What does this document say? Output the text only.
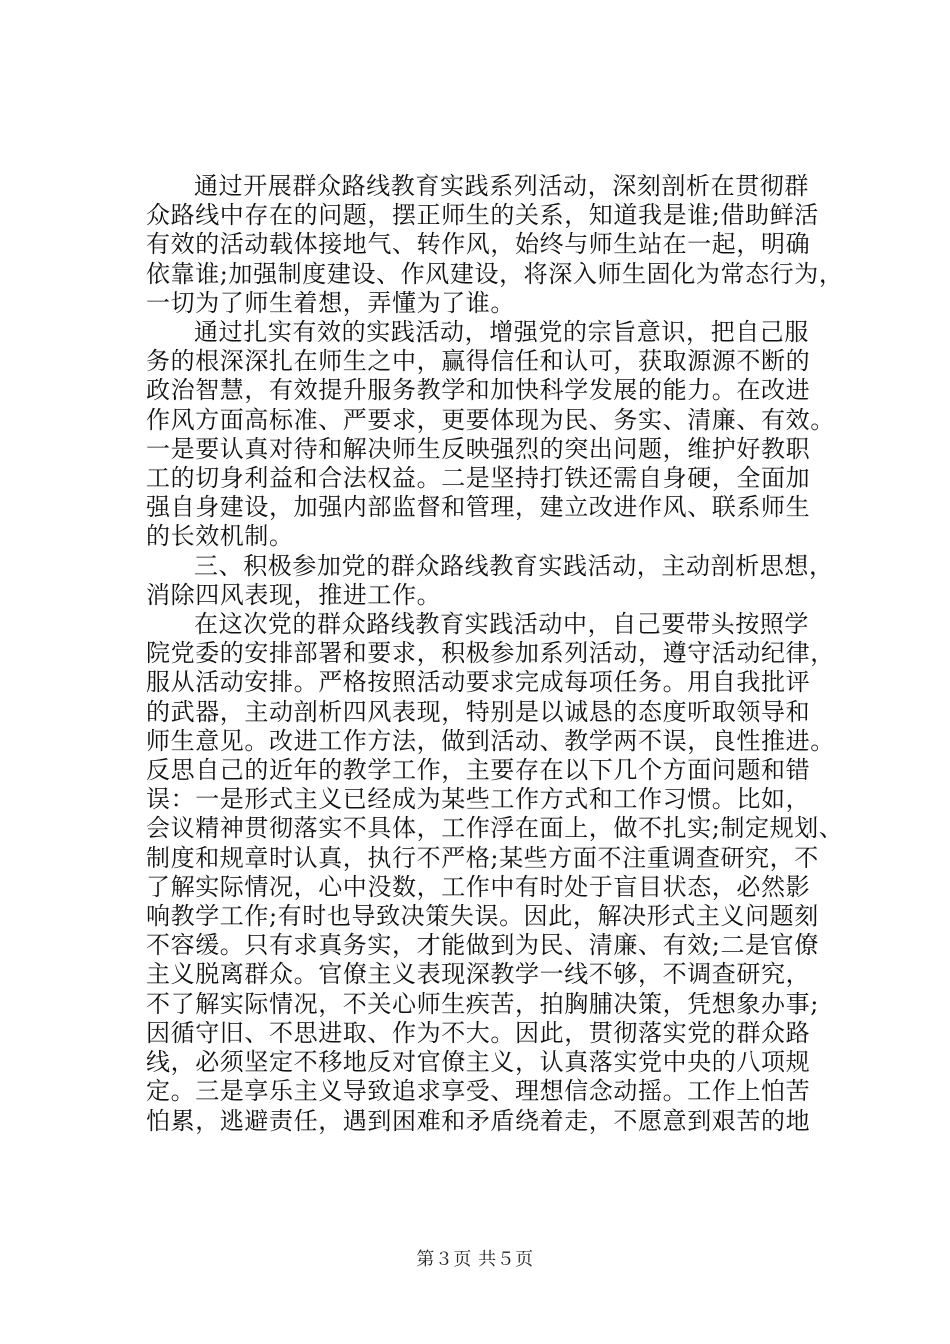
通过开展群众路线教育实践系列活动，深刻剖析在贯彻群
众路线中存在的问题，摆正师生的关系，知道我是谁;借助鲜活
有效的活动载体接地气、转作风，始终与师生站在一起，明确
依靠谁;加强制度建设、作风建设，将深入师生固化为常态行为，
一切为了师生着想，弄懂为了谁。
通过扎实有效的实践活动，增强党的宗旨意识，把自己服
务的根深深扎在师生之中，赢得信任和认可，获取源源不断的
政治智慧，有效提升服务教学和加快科学发展的能力。在改进
作风方面高标准、严要求，更要体现为民、务实、清廉、有效。
一是要认真对待和解决师生反映强烈的突出问题，维护好教职
工的切身利益和合法权益。二是坚持打铁还需自身硬，全面加
强自身建设，加强内部监督和管理，建立改进作风、联系师生
的长效机制。
三、积极参加党的群众路线教育实践活动，主动剖析思想，
消除四风表现，推进工作。
在这次党的群众路线教育实践活动中，自己要带头按照学
院党委的安排部署和要求，积极参加系列活动，遵守活动纪律，
服从活动安排。严格按照活动要求完成每项任务。用自我批评
的武器，主动剖析四风表现，特别是以诚恳的态度听取领导和
师生意见。改进工作方法，做到活动、教学两不误，良性推进。
反思自己的近年的教学工作，主要存在以下几个方面问题和错
误：一是形式主义已经成为某些工作方式和工作习惯。比如，
会议精神贯彻落实不具体，工作浮在面上，做不扎实;制定规划、
制度和规章时认真，执行不严格;某些方面不注重调查研究，不
了解实际情况，心中没数，工作中有时处于盲目状态，必然影
响教学工作;有时也导致决策失误。因此，解决形式主义问题刻
不容缓。只有求真务实，才能做到为民、清廉、有效;二是官僚
主义脱离群众。官僚主义表现深教学一线不够，不调查研究，
不了解实际情况，不关心师生疾苦，拍胸脯决策，凭想象办事;
因循守旧、不思进取、作为不大。因此，贯彻落实党的群众路
线，必须坚定不移地反对官僚主义，认真落实党中央的八项规
定。三是享乐主义导致追求享受、理想信念动摇。工作上怕苦
怕累，逃避责任，遇到困难和矛盾绕着走，不愿意到艰苦的地
第３页 共５页
